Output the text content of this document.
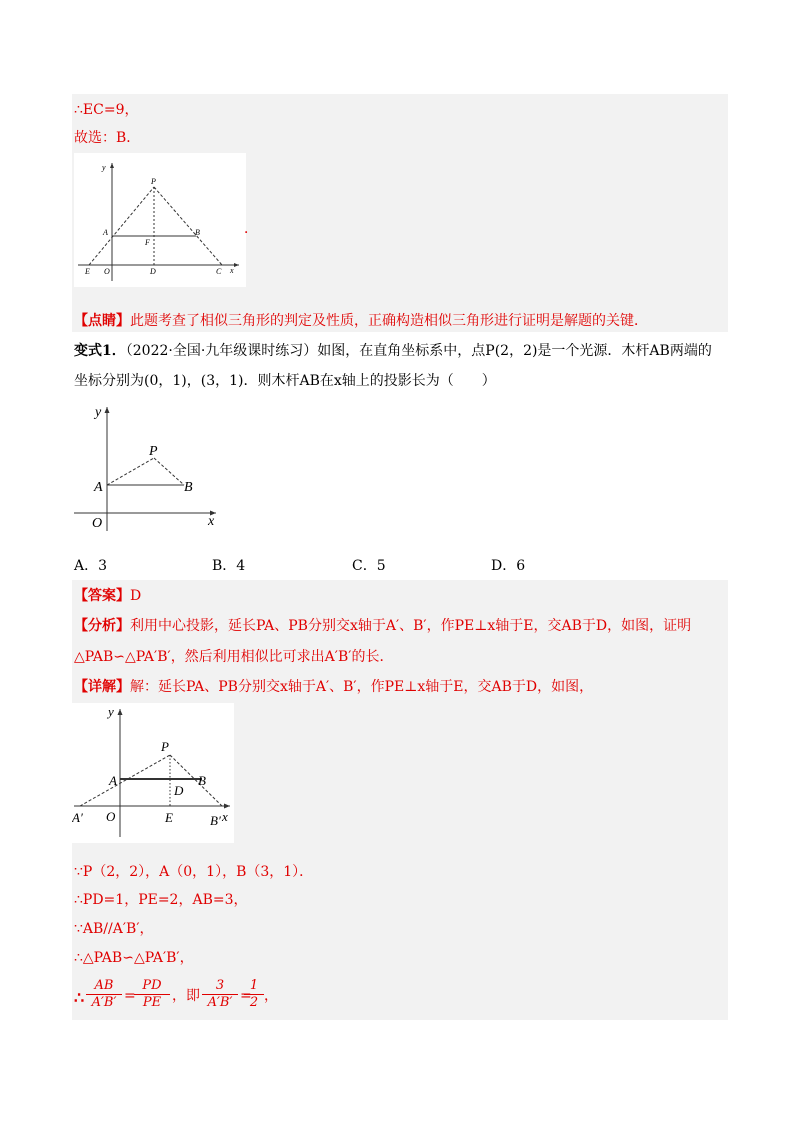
∴EC=9，
故选：B．
y
x
P
A	B
F
E O	D	C
．
【点睛】此题考查了相似三角形的判定及性质，正确构造相似三角形进行证明是解题的关键．
变式1．（2022·全国·九年级课时练习）如图，在直角坐标系中，点P(2，2)是一个光源．木杆AB两端的
坐标分别为(0，1)，(3，1)．则木杆AB在x轴上的投影长为（　　）
y
x
P
A	B
O
A．3	B．4	C．5	D．6
【答案】D
【分析】利用中心投影，延长PA、PB分别交x轴于A′、B′，作PE⊥x轴于E，交AB于D，如图，证明
△PAB∽△PA′B′，然后利用相似比可求出A′B′的长．
【详解】解：延长PA、PB分别交x轴于A′、B′，作PE⊥x轴于E，交AB于D，如图，
y
x
P
A	B
D
A′ O	E	B′
∵P（2，2），A（0，1），B（3，1）．
∴PD=1，PE=2，AB=3，
∵AB//A′B′，
∴△PAB∽△PA′B′，
∴ $\frac{AB}{A'B'}$ =
$\frac{PD}{PE}$ ，即 $\frac{3}{A'B'}$ =
$\frac{1}{2}$ ，
